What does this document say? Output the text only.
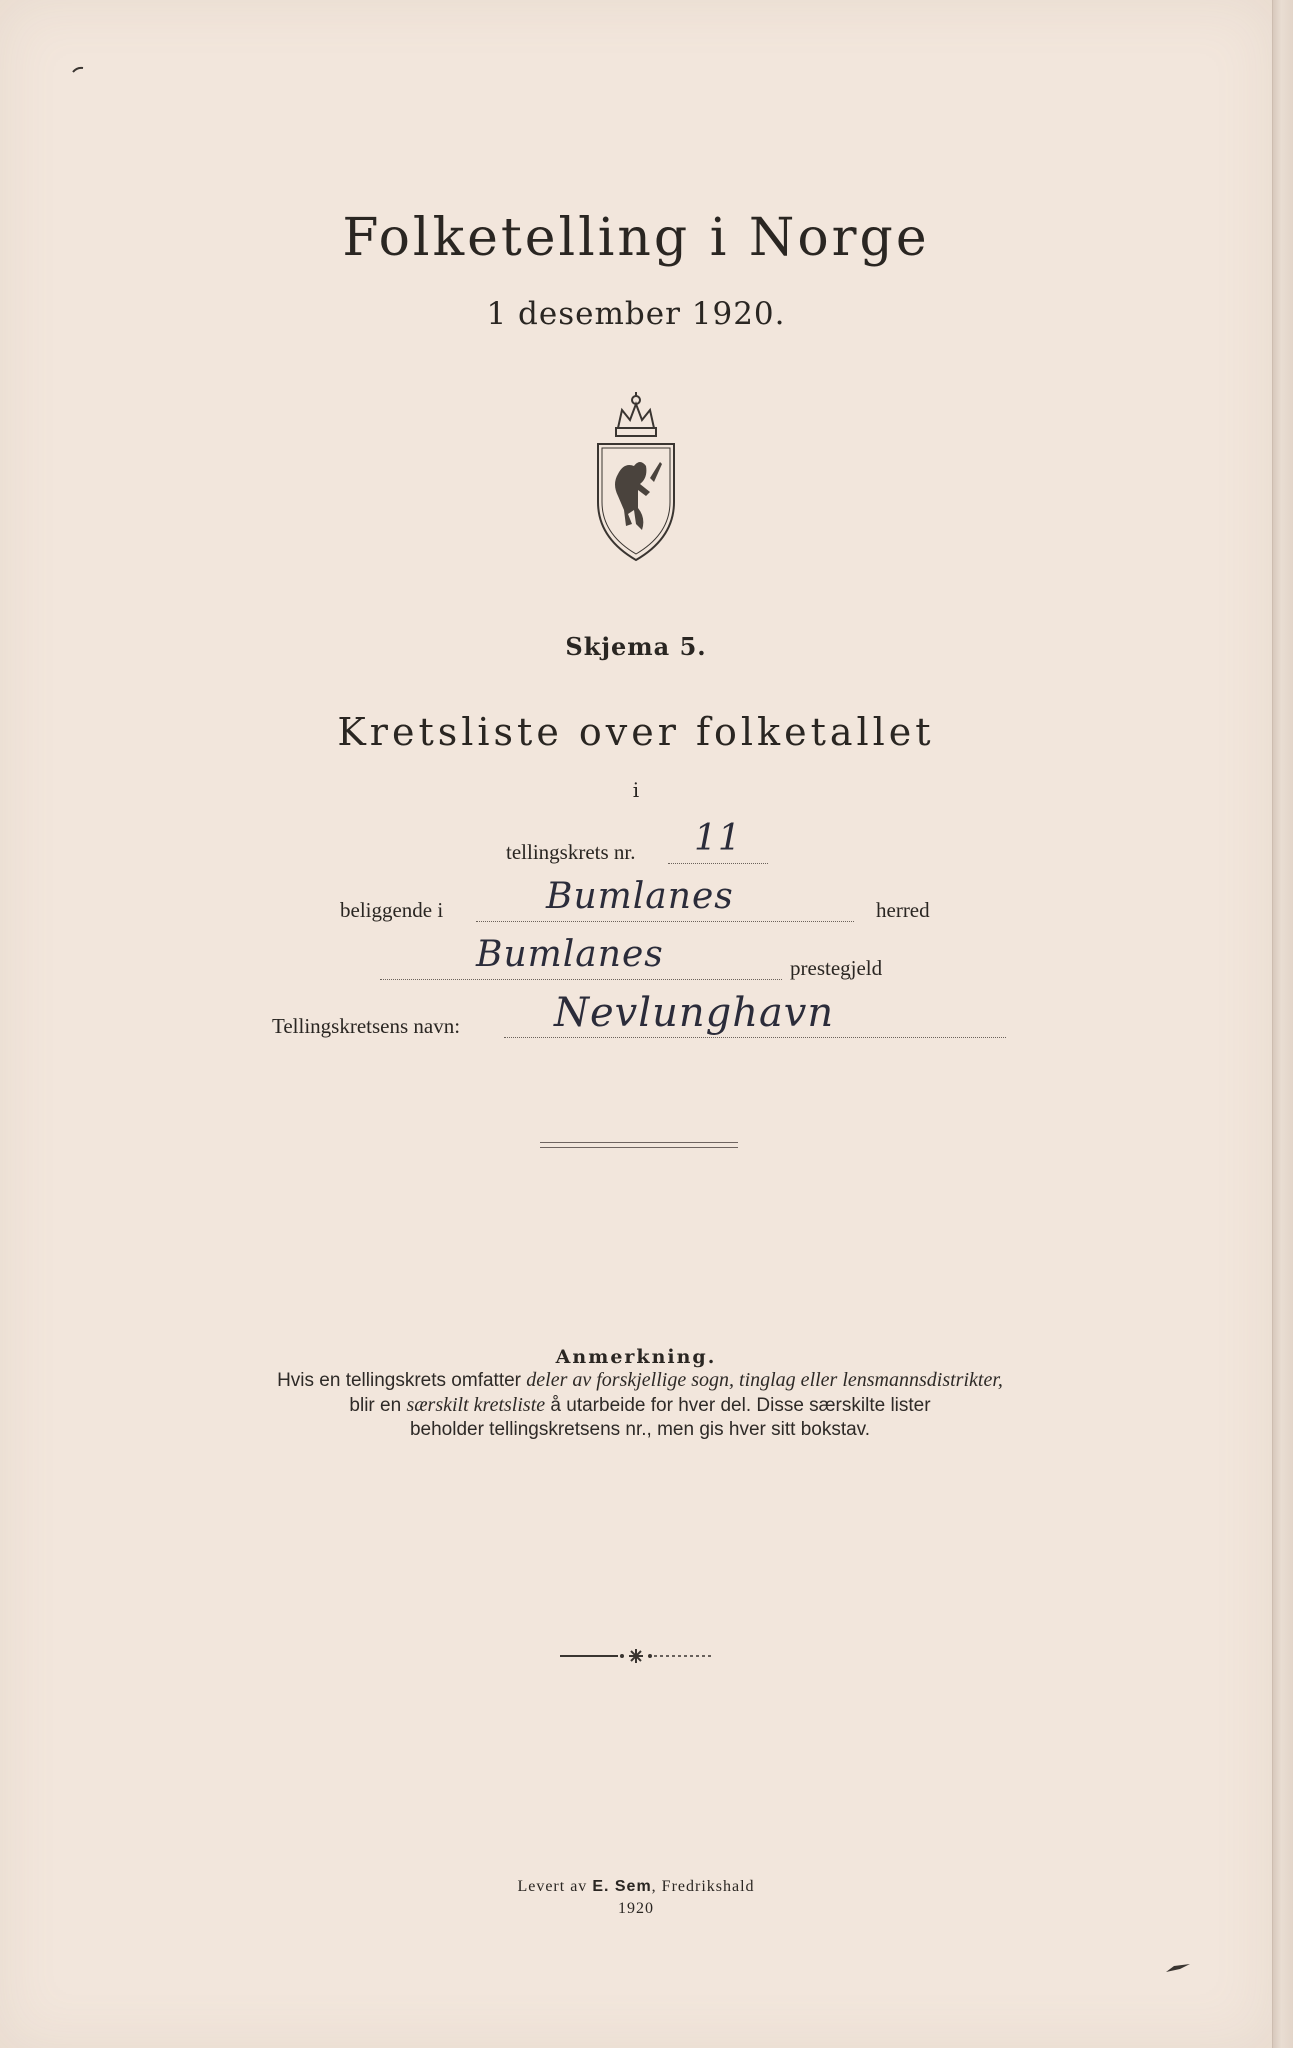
Folketelling i Norge
1 desember 1920.
Skjema 5.
Kretsliste over folketallet
i
tellingskrets nr. 11
beliggende i	Bumlanes	herred
Bumlanes	prestegjeld
Tellingskretsens navn: Nevlunghavn
Anmerkning.
Hvis en tellingskrets omfatter deler av forskjellige sogn, tinglag eller lensmannsdistrikter,
blir en særskilt kretsliste å utarbeide for hver del. Disse særskilte lister
beholder tellingskretsens nr., men gis hver sitt bokstav.
Levert av E. Sem, Fredrikshald
1920
